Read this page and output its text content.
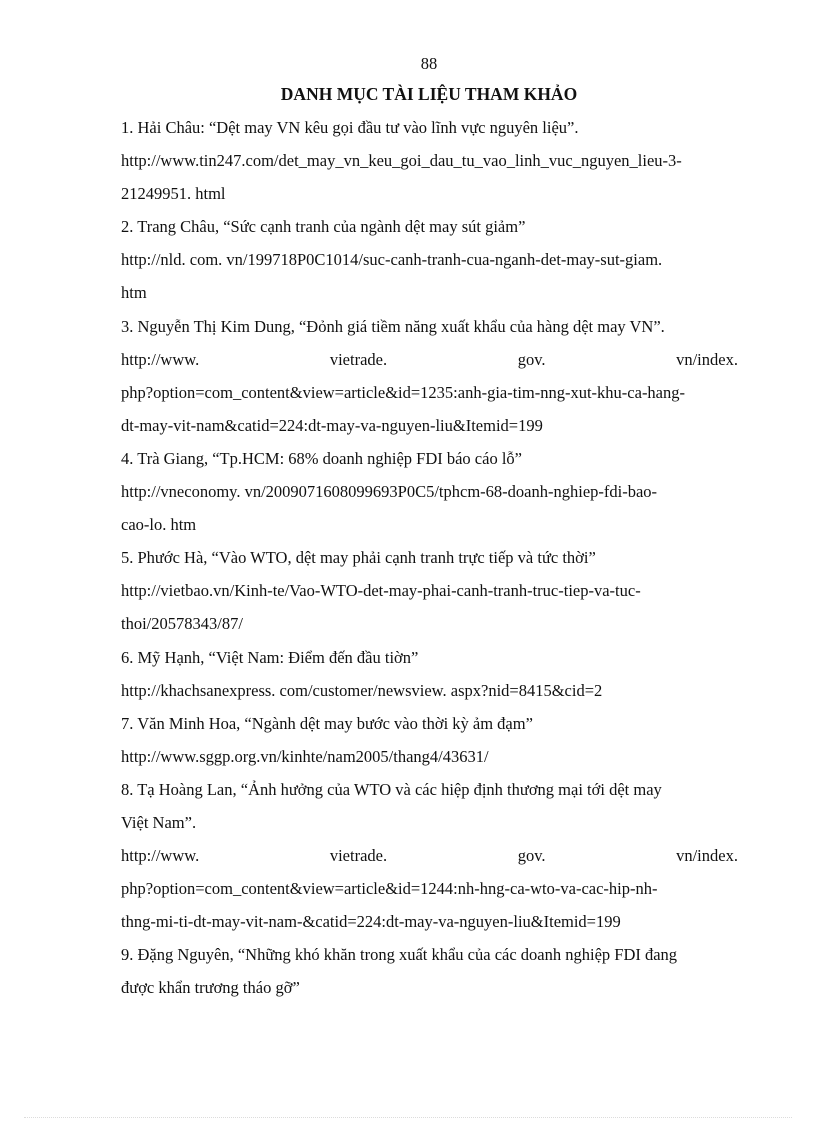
88
DANH MỤC TÀI LIỆU THAM KHẢO
1. Hải Châu: “Dệt may VN kêu gọi đầu tư vào lĩnh vực nguyên liệu”.
http://www.tin247.com/det_may_vn_keu_goi_dau_tu_vao_linh_vuc_nguyen_lieu-3-
21249951. html
2. Trang Châu, “Sức cạnh tranh của ngành dệt may sút giảm”
http://nld. com. vn/199718P0C1014/suc-canh-tranh-cua-nganh-det-may-sut-giam.
htm
3. Nguyễn Thị Kim Dung, “Đỏnh giá tiềm năng xuất khẩu của hàng dệt may VN”.
http://www.	vietrade.	gov.	vn/index.
php?option=com_content&view=article&id=1235:anh-gia-tim-nng-xut-khu-ca-hang-
dt-may-vit-nam&catid=224:dt-may-va-nguyen-liu&Itemid=199
4. Trà Giang, “Tp.HCM: 68% doanh nghiệp FDI báo cáo lỗ”
http://vneconomy. vn/2009071608099693P0C5/tphcm-68-doanh-nghiep-fdi-bao-
cao-lo. htm
5. Phước Hà, “Vào WTO, dệt may phải cạnh tranh trực tiếp và tức thời”
http://vietbao.vn/Kinh-te/Vao-WTO-det-may-phai-canh-tranh-truc-tiep-va-tuc-
thoi/20578343/87/
6. Mỹ Hạnh, “Việt Nam: Điểm đến đầu tiờn”
http://khachsanexpress. com/customer/newsview. aspx?nid=8415&cid=2
7. Văn Minh Hoa, “Ngành dệt may bước vào thời kỳ ảm đạm”
http://www.sggp.org.vn/kinhte/nam2005/thang4/43631/
8. Tạ Hoàng Lan, “Ảnh hưởng của WTO và các hiệp định thương mại tới dệt may
Việt Nam”.
http://www.	vietrade.	gov.	vn/index.
php?option=com_content&view=article&id=1244:nh-hng-ca-wto-va-cac-hip-nh-
thng-mi-ti-dt-may-vit-nam-&catid=224:dt-may-va-nguyen-liu&Itemid=199
9. Đặng Nguyên, “Những khó khăn trong xuất khẩu của các doanh nghiệp FDI đang
được khẩn trương tháo gỡ”
